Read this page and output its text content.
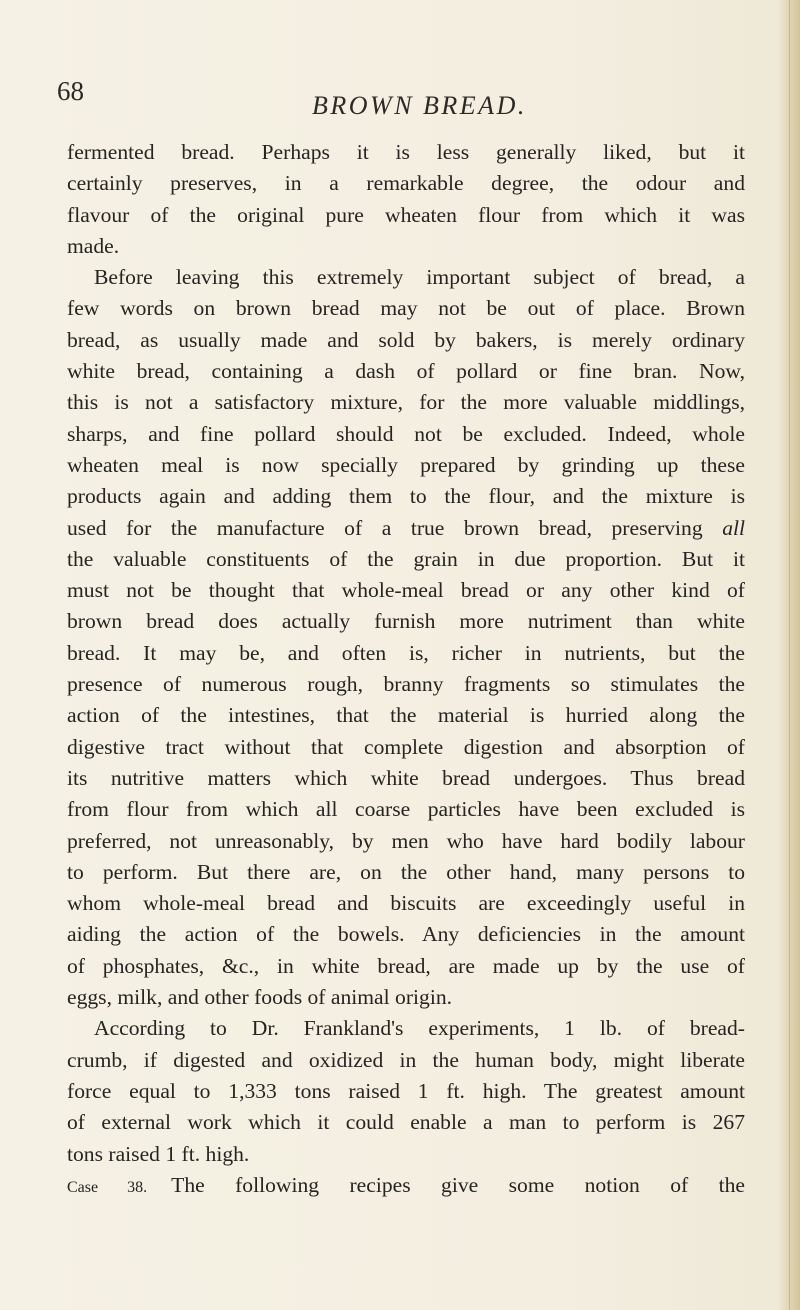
68	BROWN BREAD.

fermented bread. Perhaps it is less generally liked, but it
certainly preserves, in a remarkable degree, the odour and
flavour of the original pure wheaten flour from which it was
made.
Before leaving this extremely important subject of bread, a
few words on brown bread may not be out of place. Brown
bread, as usually made and sold by bakers, is merely ordinary
white bread, containing a dash of pollard or fine bran. Now,
this is not a satisfactory mixture, for the more valuable middlings,
sharps, and fine pollard should not be excluded. Indeed, whole
wheaten meal is now specially prepared by grinding up these
products again and adding them to the flour, and the mixture is
used for the manufacture of a true brown bread, preserving all
the valuable constituents of the grain in due proportion. But it
must not be thought that whole-meal bread or any other kind of
brown bread does actually furnish more nutriment than white
bread. It may be, and often is, richer in nutrients, but the
presence of numerous rough, branny fragments so stimulates the
action of the intestines, that the material is hurried along the
digestive tract without that complete digestion and absorption of
its nutritive matters which white bread undergoes. Thus bread
from flour from which all coarse particles have been excluded is
preferred, not unreasonably, by men who have hard bodily labour
to perform. But there are, on the other hand, many persons to
whom whole-meal bread and biscuits are exceedingly useful in
aiding the action of the bowels. Any deficiencies in the amount
of phosphates, &c., in white bread, are made up by the use of
eggs, milk, and other foods of animal origin.
According to Dr. Frankland's experiments, 1 lb. of bread-
crumb, if digested and oxidized in the human body, might liberate
force equal to 1,333 tons raised 1 ft. high. The greatest amount
of external work which it could enable a man to perform is 267
tons raised 1 ft. high.
Case 38. The following recipes give some notion of the
